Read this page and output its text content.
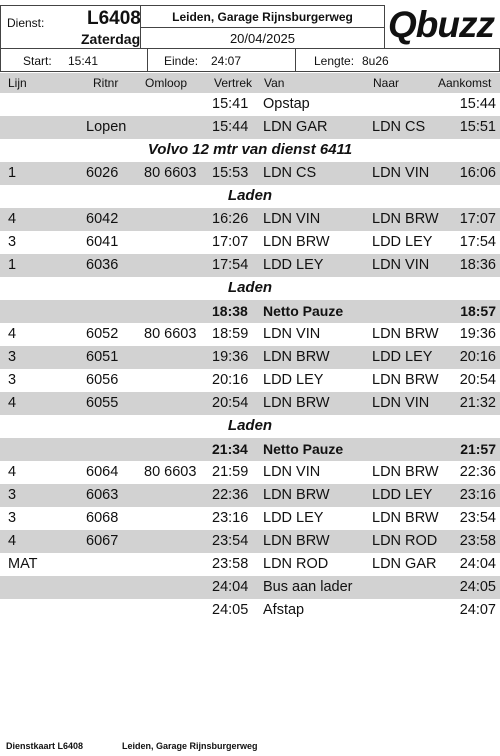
Dienst: L6408
Zaterdag
Leiden, Garage Rijnsburgerweg
20/04/2025	Qbuzz
Start: 15:41	Einde: 24:07	Lengte: 8u26
Lijn	Ritnr Omloop Vertrek Van	Naar	Aankomst
15:41 Opstap	15:44
Lopen	15:44 LDN GAR	LDN CS 15:51
Volvo 12 mtr van dienst 6411
1	6026 80 6603 15:53 LDN CS	LDN VIN 16:06
Laden
4	6042	16:26 LDN VIN	LDN BRW 17:07
3	6041	17:07 LDN BRW	LDD LEY 17:54
1	6036	17:54 LDD LEY	LDN VIN 18:36
Laden
18:38 Netto Pauze	18:57
4	6052 80 6603 18:59 LDN VIN	LDN BRW 19:36
3	6051	19:36 LDN BRW	LDD LEY 20:16
3	6056	20:16 LDD LEY	LDN BRW 20:54
4	6055	20:54 LDN BRW	LDN VIN 21:32
Laden
21:34 Netto Pauze	21:57
4	6064 80 6603 21:59 LDN VIN	LDN BRW 22:36
3	6063	22:36 LDN BRW	LDD LEY 23:16
3	6068	23:16 LDD LEY	LDN BRW 23:54
4	6067	23:54 LDN BRW	LDN ROD 23:58
MAT	23:58 LDN ROD	LDN GAR 24:04
24:04 Bus aan lader	24:05
24:05 Afstap	24:07
Dienstkaart L6408	Leiden, Garage Rijnsburgerweg
